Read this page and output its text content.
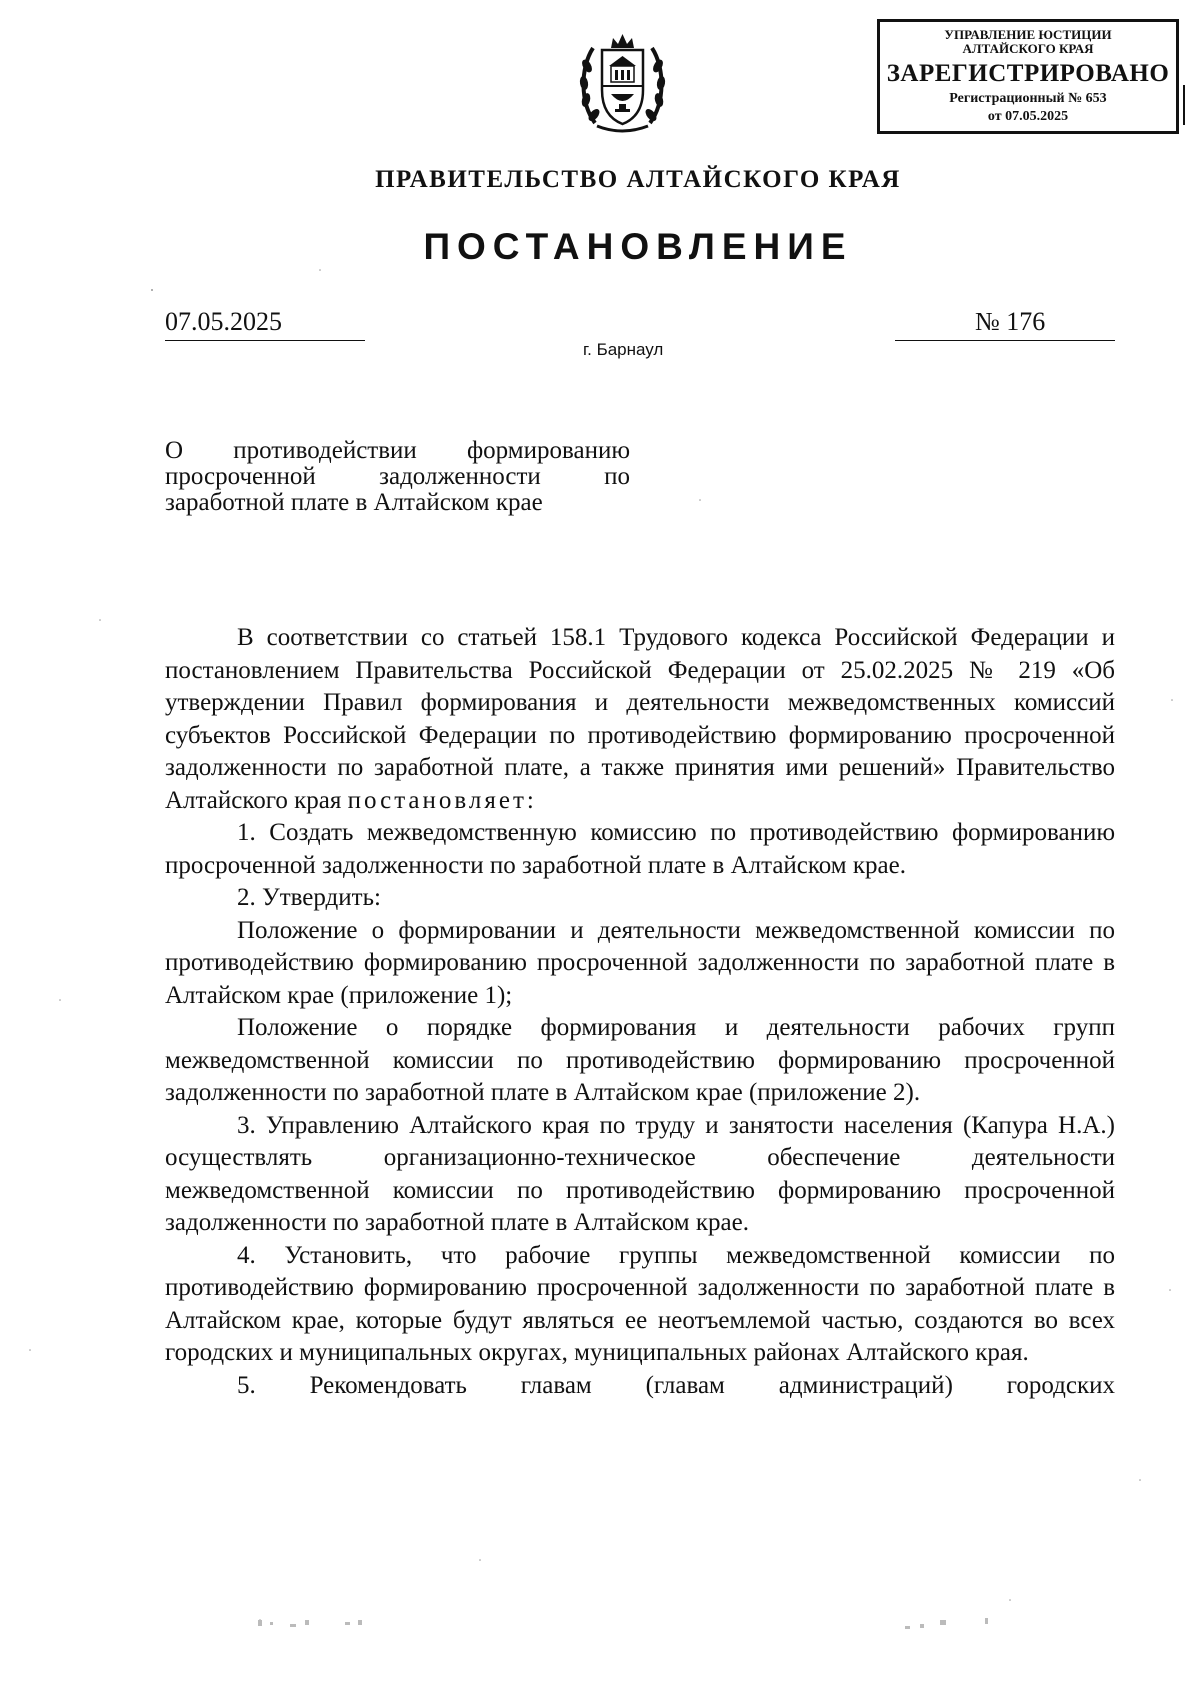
УПРАВЛЕНИЕ ЮСТИЦИИ
АЛТАЙСКОГО КРАЯ
ЗАРЕГИСТРИРОВАНО
Регистрационный № 653
от 07.05.2025
ПРАВИТЕЛЬСТВО АЛТАЙСКОГО КРАЯ
ПОСТАНОВЛЕНИЕ
07.05.2025	№ 176
г. Барнаул

О противодействии формированию

просроченной задолженности по

заработной плате в Алтайском крае

В соответствии со статьей 158.1 Трудового кодекса Российской Федерации и постановлением Правительства Российской Федерации от 25.02.2025 № 219 «Об утверждении Правил формирования и деятельности межведомственных комиссий субъектов Российской Федерации по противодействию формированию просроченной задолженности по заработной плате, а также принятия ими решений» Правительство Алтайского края постановляет:

1. Создать межведомственную комиссию по противодействию формированию просроченной задолженности по заработной плате в Алтайском крае.

2. Утвердить:

Положение о формировании и деятельности межведомственной комиссии по противодействию формированию просроченной задолженности по заработной плате в Алтайском крае (приложение 1);

Положение о порядке формирования и деятельности рабочих групп межведомственной комиссии по противодействию формированию просроченной задолженности по заработной плате в Алтайском крае (приложение 2).

3. Управлению Алтайского края по труду и занятости населения (Капура Н.А.) осуществлять организационно-техническое обеспечение деятельности межведомственной комиссии по противодействию формированию просроченной задолженности по заработной плате в Алтайском крае.

4. Установить, что рабочие группы межведомственной комиссии по противодействию формированию просроченной задолженности по заработной плате в Алтайском крае, которые будут являться ее неотъемлемой частью, создаются во всех городских и муниципальных округах, муниципальных районах Алтайского края.

5. Рекомендовать главам (главам администраций) городских
